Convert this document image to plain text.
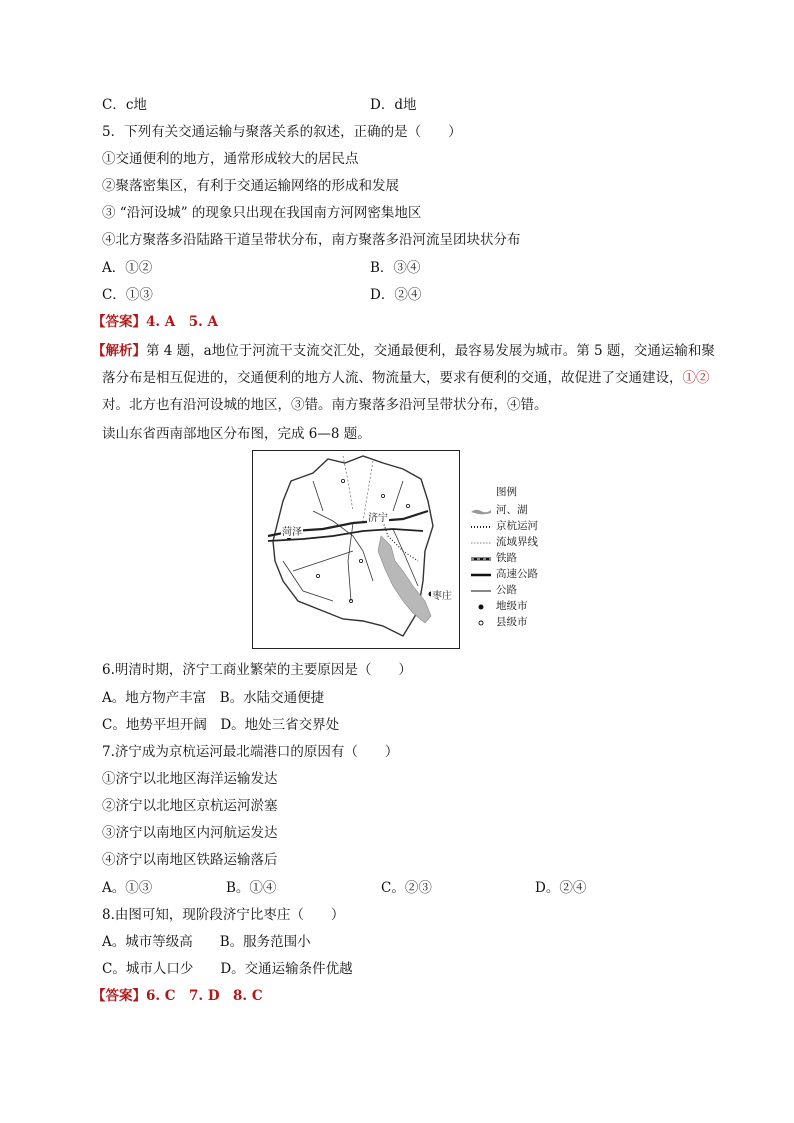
C．c地	D．d地
5．下列有关交通运输与聚落关系的叙述，正确的是（　　）
①交通便利的地方，通常形成较大的居民点
②聚落密集区，有利于交通运输网络的形成和发展
③ “沿河设城” 的现象只出现在我国南方河网密集地区
④北方聚落多沿陆路干道呈带状分布，南方聚落多沿河流呈团块状分布
A．①②	B．③④
C．①③	D．②④
【答案】4. A　5. A
【解析】第 4 题，a地位于河流干支流交汇处，交通最便利，最容易发展为城市。第 5 题，交通运输和聚落分布是相互促进的，交通便利的地方人流、物流量大，要求有便利的交通，故促进了交通建设，①②对。北方也有沿河设城的地区，③错。南方聚落多沿河呈带状分布，④错。
读山东省西南部地区分布图，完成 6—8 题。
菏泽
济宁
枣庄
图例
河、湖
京杭运河
流域界线
铁路
高速公路
公路
地级市
县级市
6.明清时期，济宁工商业繁荣的主要原因是（　　）
A。地方物产丰富　B。水陆交通便捷
C。地势平坦开阔　D。地处三省交界处
7.济宁成为京杭运河最北端港口的原因有（　　）
①济宁以北地区海洋运输发达
②济宁以北地区京杭运河淤塞
③济宁以南地区内河航运发达
④济宁以南地区铁路运输落后
A。①③	B。①④	C。②③	D。②④
8.由图可知，现阶段济宁比枣庄（　　）
A。城市等级高　　B。服务范围小
C。城市人口少　　D。交通运输条件优越
【答案】6. C　7. D　8. C
